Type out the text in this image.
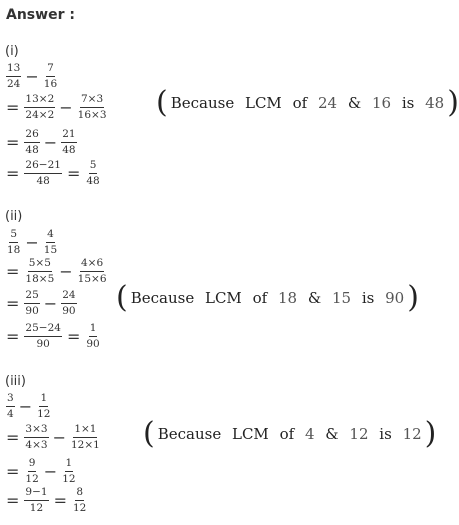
Answer :
(i)
$\frac{13}{24} - \frac{7}{16}$
= $\frac{13\times 2}{24\times 2} - \frac{7\times 3}{16\times 3}$
= $\frac{26}{48} - \frac{21}{48}$
= $\frac{26-21}{48} = \frac{5}{48}$
( Because LCM of 24 & 16 is 48 )
(ii)
$\frac{5}{18} - \frac{4}{15}$
= $\frac{5\times 5}{18\times 5} - \frac{4\times 6}{15\times 6}$
= $\frac{25}{90} - \frac{24}{90}$
= $\frac{25-24}{90} = \frac{1}{90}$
( Because LCM of 18 & 15 is 90 )
(iii)
$\frac{3}{4} - \frac{1}{12}$
= $\frac{3\times 3}{4\times 3} - \frac{1\times 1}{12\times 1}$
= $\frac{9}{12} - \frac{1}{12}$
= $\frac{9-1}{12} = \frac{8}{12}$
( Because LCM of 4 & 12 is 12 )
